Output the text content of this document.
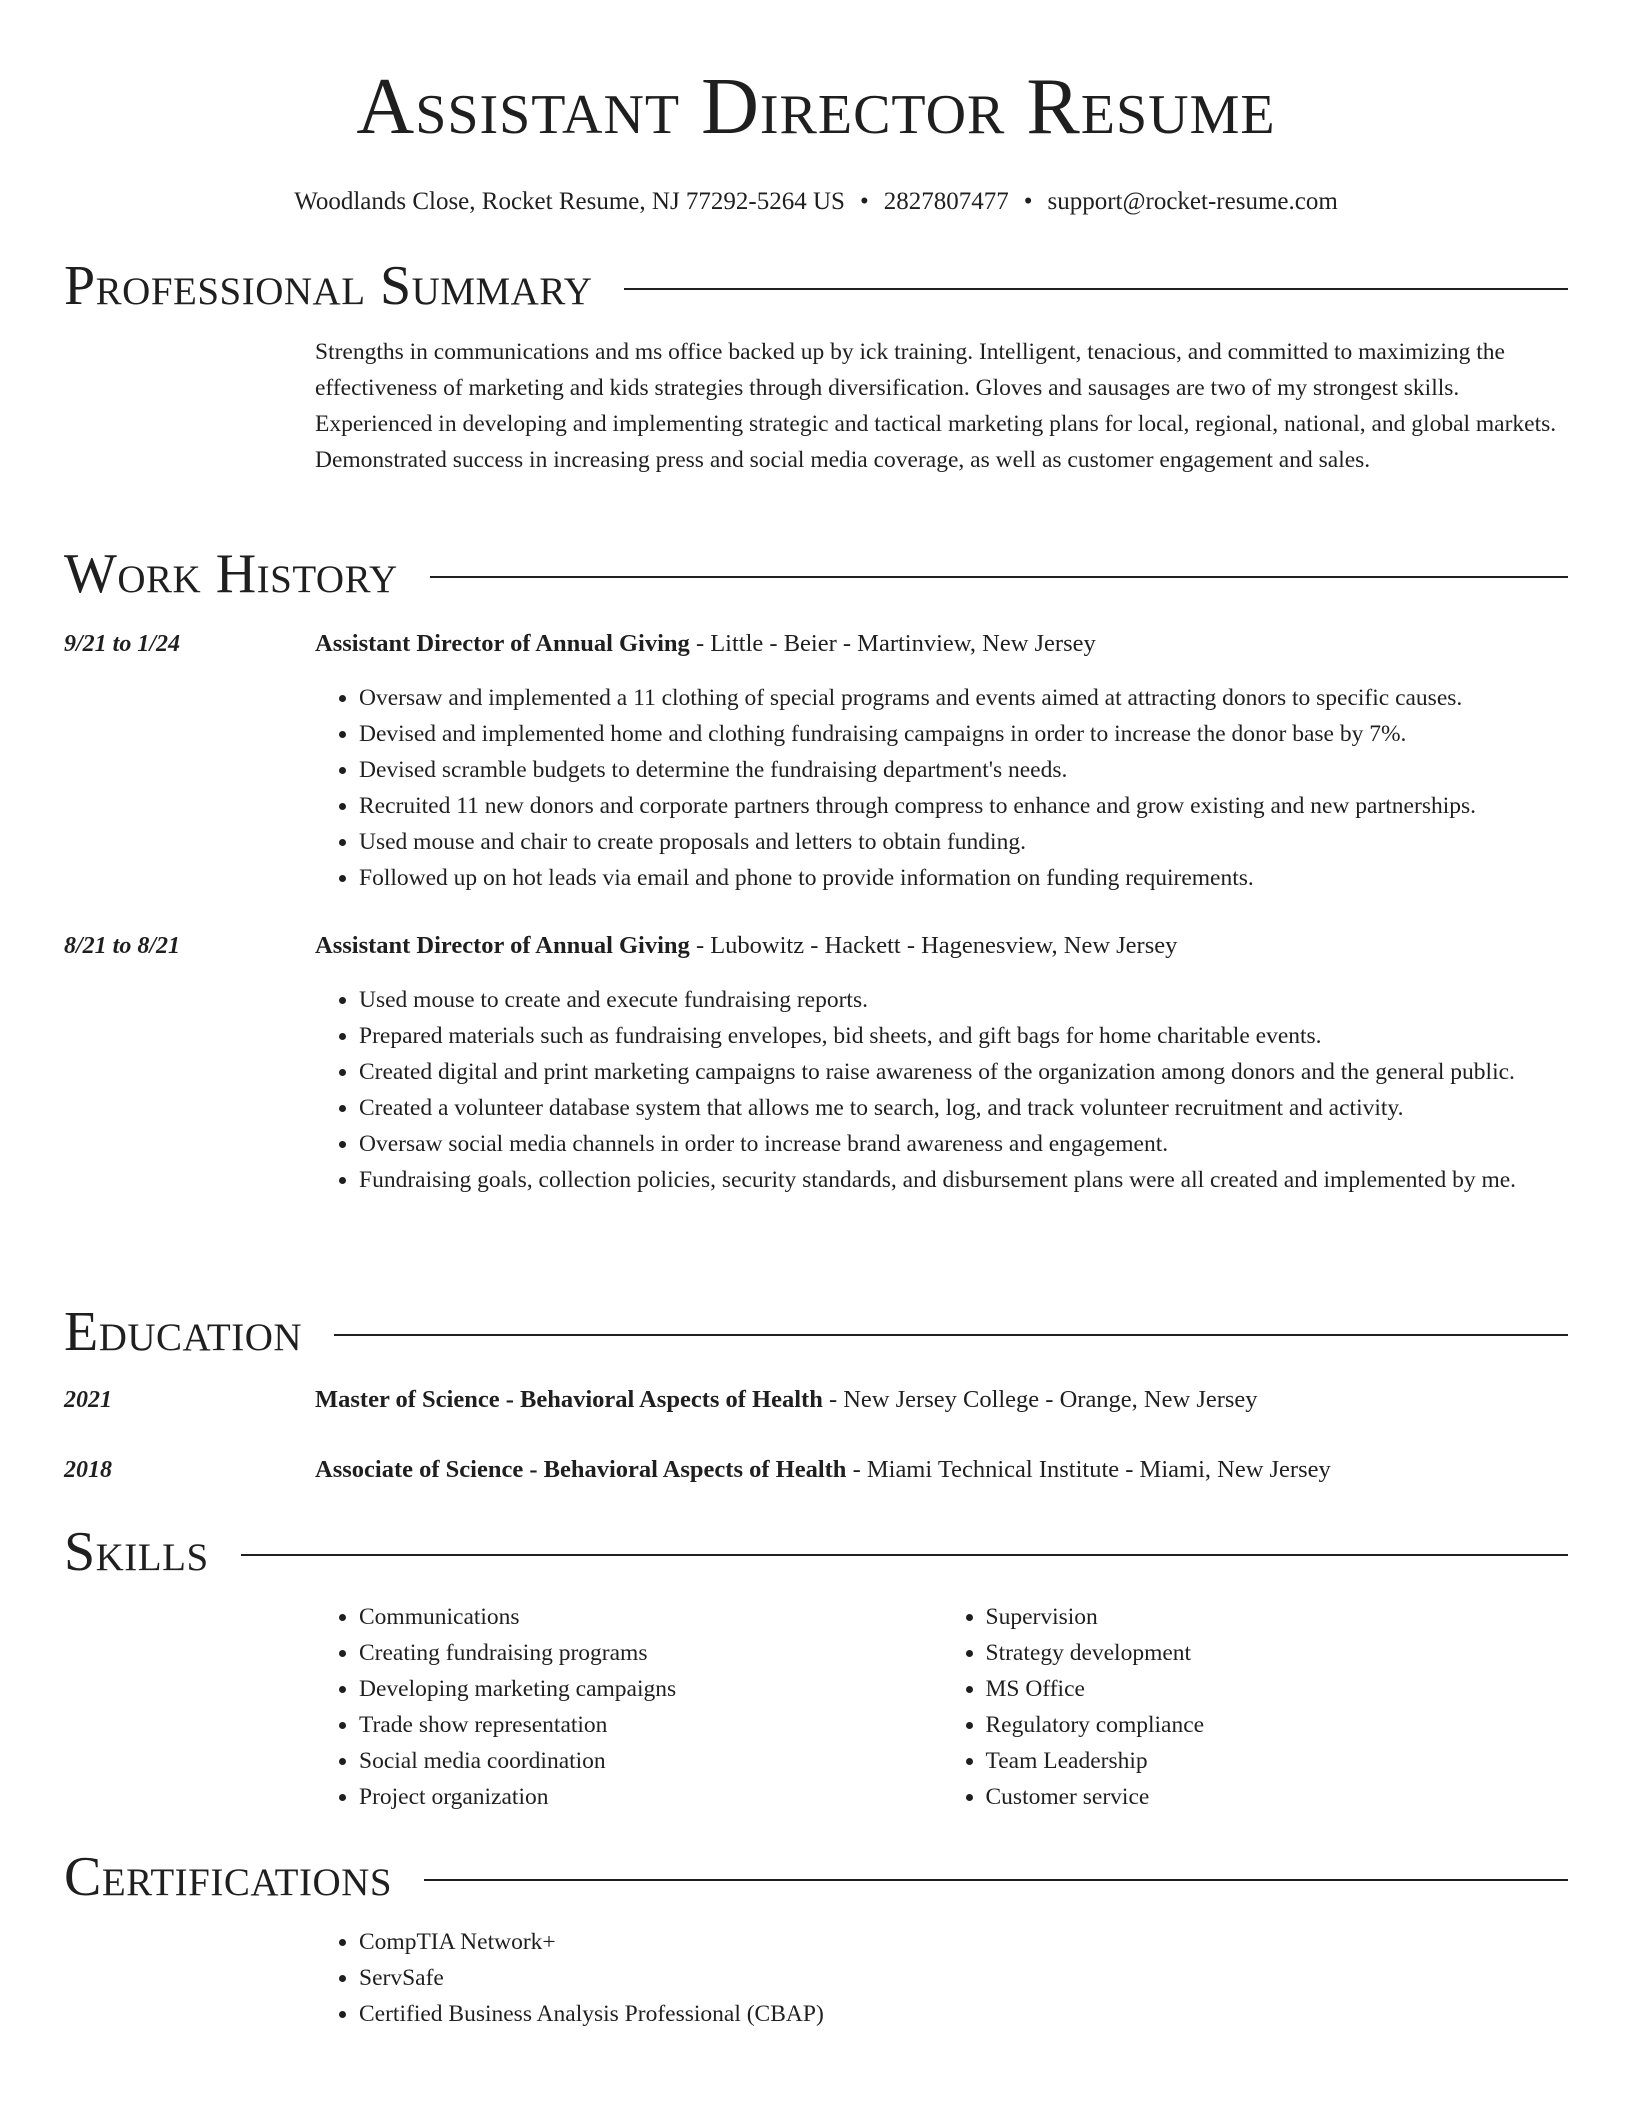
Assistant Director Resume
Woodlands Close, Rocket Resume, NJ 77292-5264 US • 2827807477 • support@rocket-resume.com
Professional Summary

Strengths in communications and ms office backed up by ick training. Intelligent, tenacious, and committed to maximizing the effectiveness of marketing and kids strategies through diversification. Gloves and sausages are two of my strongest skills. Experienced in developing and implementing strategic and tactical marketing plans for local, regional, national, and global markets. Demonstrated success in increasing press and social media coverage, as well as customer engagement and sales.

Work History
9/21 to 1/24	Assistant Director of Annual Giving - Little - Beier - Martinview, New Jersey
• Oversaw and implemented a 11 clothing of special programs and events aimed at attracting donors to specific causes.
• Devised and implemented home and clothing fundraising campaigns in order to increase the donor base by 7%.
• Devised scramble budgets to determine the fundraising department's needs.
• Recruited 11 new donors and corporate partners through compress to enhance and grow existing and new partnerships.
• Used mouse and chair to create proposals and letters to obtain funding.
• Followed up on hot leads via email and phone to provide information on funding requirements.
8/21 to 8/21	Assistant Director of Annual Giving - Lubowitz - Hackett - Hagenesview, New Jersey
• Used mouse to create and execute fundraising reports.
• Prepared materials such as fundraising envelopes, bid sheets, and gift bags for home charitable events.
• Created digital and print marketing campaigns to raise awareness of the organization among donors and the general public.
• Created a volunteer database system that allows me to search, log, and track volunteer recruitment and activity.
• Oversaw social media channels in order to increase brand awareness and engagement.
• Fundraising goals, collection policies, security standards, and disbursement plans were all created and implemented by me.
Education
2021	Master of Science - Behavioral Aspects of Health - New Jersey College - Orange, New Jersey
2018	Associate of Science - Behavioral Aspects of Health - Miami Technical Institute - Miami, New Jersey
Skills
• Communications
• Creating fundraising programs
• Developing marketing campaigns
• Trade show representation
• Social media coordination
• Project organization
• Supervision
• Strategy development
• MS Office
• Regulatory compliance
• Team Leadership
• Customer service
Certifications
• CompTIA Network+
• ServSafe
• Certified Business Analysis Professional (CBAP)
